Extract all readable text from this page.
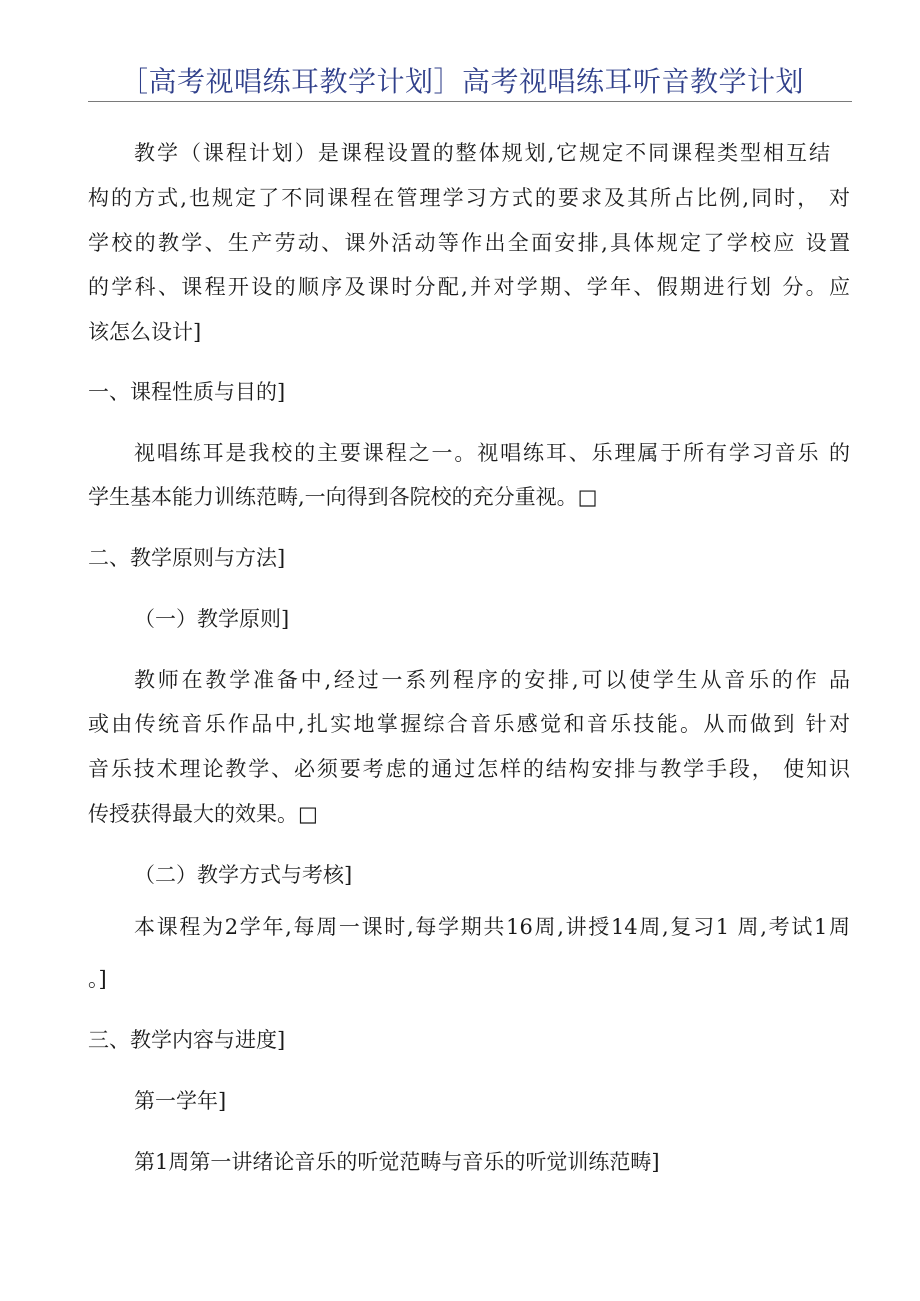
［高考视唱练耳教学计划］高考视唱练耳听音教学计划
教学（课程计划）是课程设置的整体规划,它规定不同课程类型相互结
构的方式,也规定了不同课程在管理学习方式的要求及其所占比例,同时， 对
学校的教学、生产劳动、课外活动等作出全面安排,具体规定了学校应 设置
的学科、课程开设的顺序及课时分配,并对学期、学年、假期进行划 分。应
该怎么设计]
一、课程性质与目的]
视唱练耳是我校的主要课程之一。视唱练耳、乐理属于所有学习音乐 的
学生基本能力训练范畴,一向得到各院校的充分重视。□
二、教学原则与方法]
（一）教学原则]
教师在教学准备中,经过一系列程序的安排,可以使学生从音乐的作 品
或由传统音乐作品中,扎实地掌握综合音乐感觉和音乐技能。从而做到 针对
音乐技术理论教学、必须要考虑的通过怎样的结构安排与教学手段， 使知识
传授获得最大的效果。□
（二）教学方式与考核]
本课程为2学年,每周一课时,每学期共16周,讲授14周,复习1 周,考试1周
。]
三、教学内容与进度]
第一学年]
第1周第一讲绪论音乐的听觉范畴与音乐的听觉训练范畴]
